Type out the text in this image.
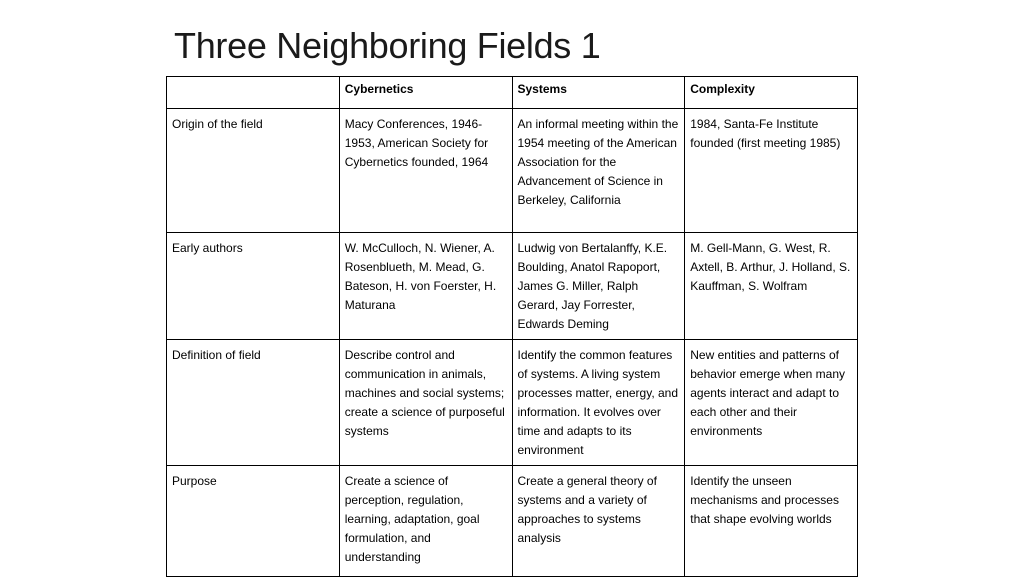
Three Neighboring Fields 1
	Cybernetics	Systems	Complexity
Origin of the field	Macy Conferences, 1946-1953, American Society for Cybernetics founded, 1964	An informal meeting within the 1954 meeting of the American Association for the Advancement of Science in Berkeley, California	1984, Santa-Fe Institute founded (first meeting 1985)
Early authors	W. McCulloch, N. Wiener, A. Rosenblueth, M. Mead, G. Bateson, H. von Foerster, H. Maturana	Ludwig von Bertalanffy, K.E. Boulding, Anatol Rapoport, James G. Miller, Ralph Gerard, Jay Forrester, Edwards Deming	M. Gell-Mann, G. West, R. Axtell, B. Arthur, J. Holland, S. Kauffman, S. Wolfram
Definition of field	Describe control and communication in animals, machines and social systems; create a science of purposeful systems	Identify the common features of systems. A living system processes matter, energy, and information. It evolves over time and adapts to its environment	New entities and patterns of behavior emerge when many agents interact and adapt to each other and their environments
Purpose	Create a science of perception, regulation, learning, adaptation, goal formulation, and understanding	Create a general theory of systems and a variety of approaches to systems analysis	Identify the unseen mechanisms and processes that shape evolving worlds
